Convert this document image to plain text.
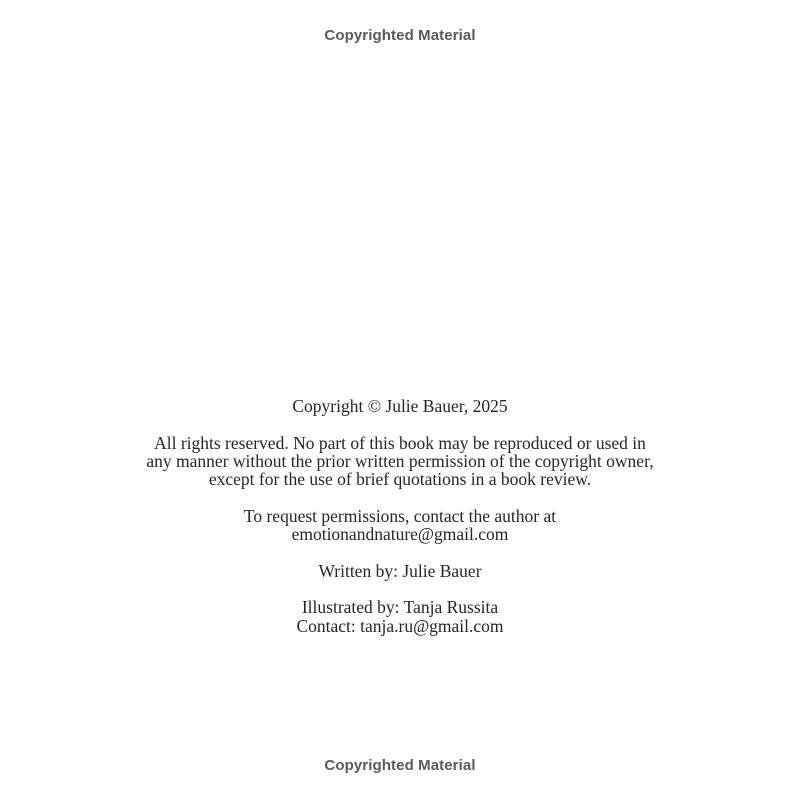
Copyrighted Material
Copyright © Julie Bauer, 2025
All rights reserved. No part of this book may be reproduced or used in
any manner without the prior written permission of the copyright owner,
except for the use of brief quotations in a book review.
To request permissions, contact the author at
emotionandnature@gmail.com
Written by: Julie Bauer
Illustrated by: Tanja Russita
Contact: tanja.ru@gmail.com
Copyrighted Material
